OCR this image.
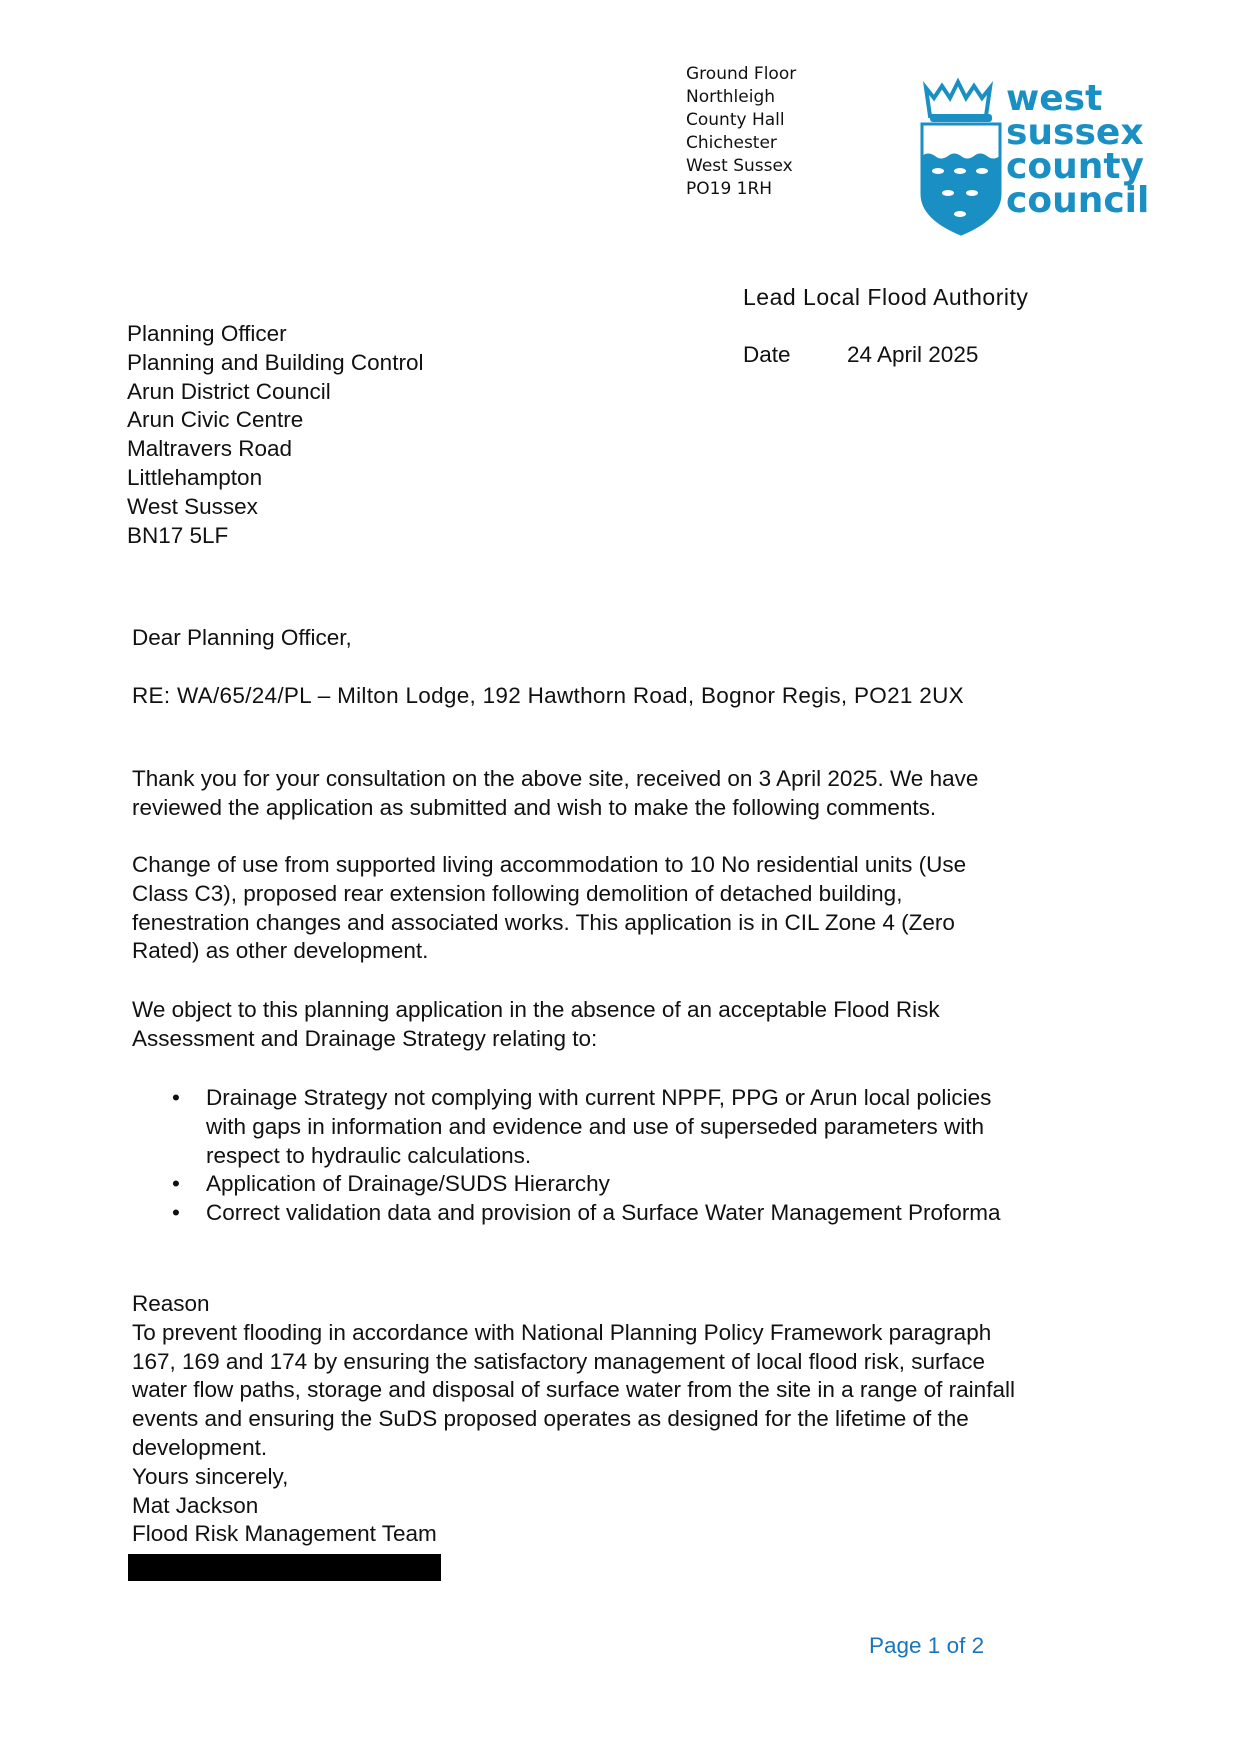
Ground Floor
Northleigh
County Hall
Chichester
West Sussex
PO19 1RH
west
sussex
county
council
Lead Local Flood Authority
Date	24 April 2025
Planning Officer
Planning and Building Control
Arun District Council
Arun Civic Centre
Maltravers Road
Littlehampton
West Sussex
BN17 5LF
Dear Planning Officer,
RE: WA/65/24/PL – Milton Lodge, 192 Hawthorn Road, Bognor Regis, PO21 2UX
Thank you for your consultation on the above site, received on 3 April 2025. We have
reviewed the application as submitted and wish to make the following comments.
Change of use from supported living accommodation to 10 No residential units (Use
Class C3), proposed rear extension following demolition of detached building,
fenestration changes and associated works. This application is in CIL Zone 4 (Zero
Rated) as other development.
We object to this planning application in the absence of an acceptable Flood Risk
Assessment and Drainage Strategy relating to:
• Drainage Strategy not complying with current NPPF, PPG or Arun local policies
with gaps in information and evidence and use of superseded parameters with
respect to hydraulic calculations.
• Application of Drainage/SUDS Hierarchy
• Correct validation data and provision of a Surface Water Management Proforma
Reason
To prevent flooding in accordance with National Planning Policy Framework paragraph
167, 169 and 174 by ensuring the satisfactory management of local flood risk, surface
water flow paths, storage and disposal of surface water from the site in a range of rainfall
events and ensuring the SuDS proposed operates as designed for the lifetime of the
development.
Yours sincerely,
Mat Jackson
Flood Risk Management Team
Page 1 of 2
